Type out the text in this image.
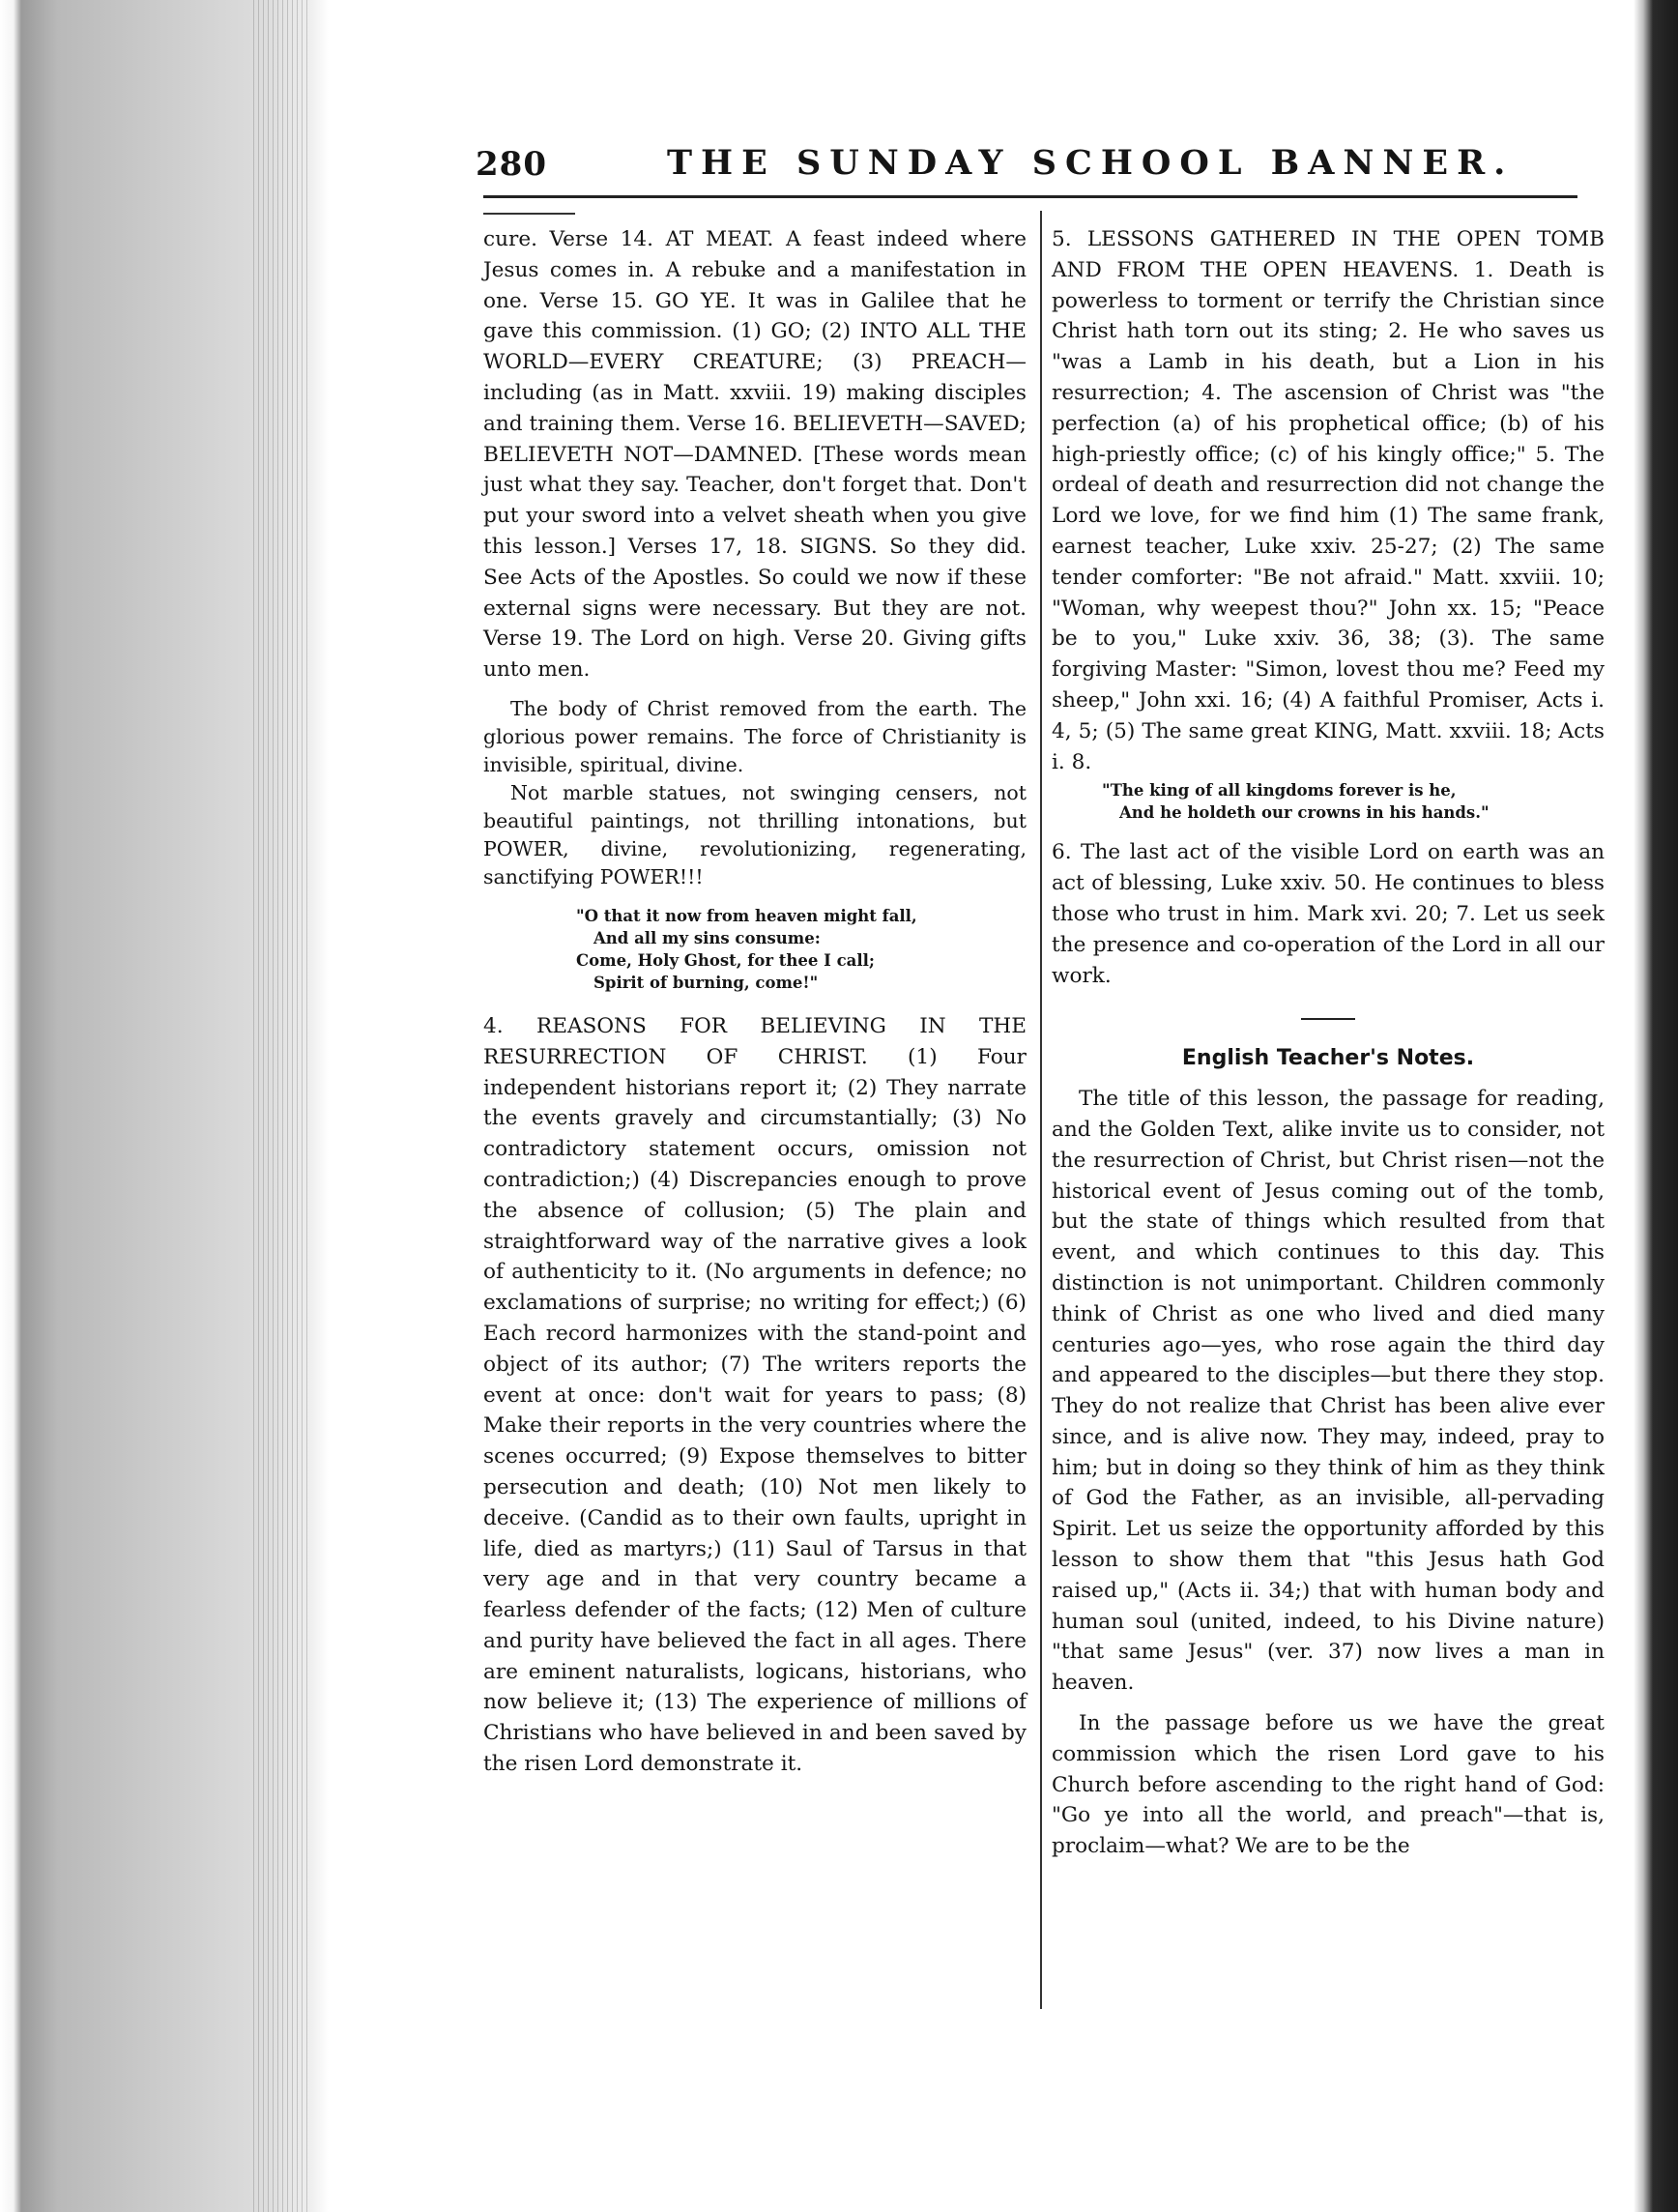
280	THE SUNDAY SCHOOL BANNER.

cure. Verse 14. AT MEAT. A feast indeed where Jesus comes in. A rebuke and a manifestation in one. Verse 15. GO YE. It was in Galilee that he gave this commission. (1) GO; (2) INTO ALL THE WORLD—EVERY CREATURE; (3) PREACH—including (as in Matt. xxviii. 19) making disciples and training them. Verse 16. BELIEVETH—SAVED; BELIEVETH NOT—DAMNED. [These words mean just what they say. Teacher, don't forget that. Don't put your sword into a velvet sheath when you give this lesson.] Verses 17, 18. SIGNS. So they did. See Acts of the Apostles. So could we now if these external signs were necessary. But they are not. Verse 19. The Lord on high. Verse 20. Giving gifts unto men.

The body of Christ removed from the earth. The glorious power remains. The force of Christianity is invisible, spiritual, divine.

Not marble statues, not swinging censers, not beautiful paintings, not thrilling intonations, but POWER, divine, revolutionizing, regenerating, sanctifying POWER!!!

"O that it now from heaven might fall,
And all my sins consume:
Come, Holy Ghost, for thee I call;
Spirit of burning, come!"

4. REASONS FOR BELIEVING IN THE RESURRECTION OF CHRIST. (1) Four independent historians report it; (2) They narrate the events gravely and circumstantially; (3) No contradictory statement occurs, omission not contradiction;) (4) Discrepancies enough to prove the absence of collusion; (5) The plain and straightforward way of the narrative gives a look of authenticity to it. (No arguments in defence; no exclamations of surprise; no writing for effect;) (6) Each record harmonizes with the stand-point and object of its author; (7) The writers reports the event at once: don't wait for years to pass; (8) Make their reports in the very countries where the scenes occurred; (9) Expose themselves to bitter persecution and death; (10) Not men likely to deceive. (Candid as to their own faults, upright in life, died as martyrs;) (11) Saul of Tarsus in that very age and in that very country became a fearless defender of the facts; (12) Men of culture and purity have believed the fact in all ages. There are eminent naturalists, logicans, historians, who now believe it; (13) The experience of millions of Christians who have believed in and been saved by the risen Lord demonstrate it.

5. LESSONS GATHERED IN THE OPEN TOMB AND FROM THE OPEN HEAVENS. 1. Death is powerless to torment or terrify the Christian since Christ hath torn out its sting; 2. He who saves us "was a Lamb in his death, but a Lion in his resurrection; 4. The ascension of Christ was "the perfection (a) of his prophetical office; (b) of his high-priestly office; (c) of his kingly office;" 5. The ordeal of death and resurrection did not change the Lord we love, for we find him (1) The same frank, earnest teacher, Luke xxiv. 25-27; (2) The same tender comforter: "Be not afraid." Matt. xxviii. 10; "Woman, why weepest thou?" John xx. 15; "Peace be to you," Luke xxiv. 36, 38; (3). The same forgiving Master: "Simon, lovest thou me? Feed my sheep," John xxi. 16; (4) A faithful Promiser, Acts i. 4, 5; (5) The same great KING, Matt. xxviii. 18; Acts i. 8.

"The king of all kingdoms forever is he,
And he holdeth our crowns in his hands."

6. The last act of the visible Lord on earth was an act of blessing, Luke xxiv. 50. He continues to bless those who trust in him. Mark xvi. 20; 7. Let us seek the presence and co-operation of the Lord in all our work.

English Teacher's Notes.

The title of this lesson, the passage for reading, and the Golden Text, alike invite us to consider, not the resurrection of Christ, but Christ risen—not the historical event of Jesus coming out of the tomb, but the state of things which resulted from that event, and which continues to this day. This distinction is not unimportant. Children commonly think of Christ as one who lived and died many centuries ago—yes, who rose again the third day and appeared to the disciples—but there they stop. They do not realize that Christ has been alive ever since, and is alive now. They may, indeed, pray to him; but in doing so they think of him as they think of God the Father, as an invisible, all-pervading Spirit. Let us seize the opportunity afforded by this lesson to show them that "this Jesus hath God raised up," (Acts ii. 34;) that with human body and human soul (united, indeed, to his Divine nature) "that same Jesus" (ver. 37) now lives a man in heaven.

In the passage before us we have the great commission which the risen Lord gave to his Church before ascending to the right hand of God: "Go ye into all the world, and preach"—that is, proclaim—what? We are to be the
